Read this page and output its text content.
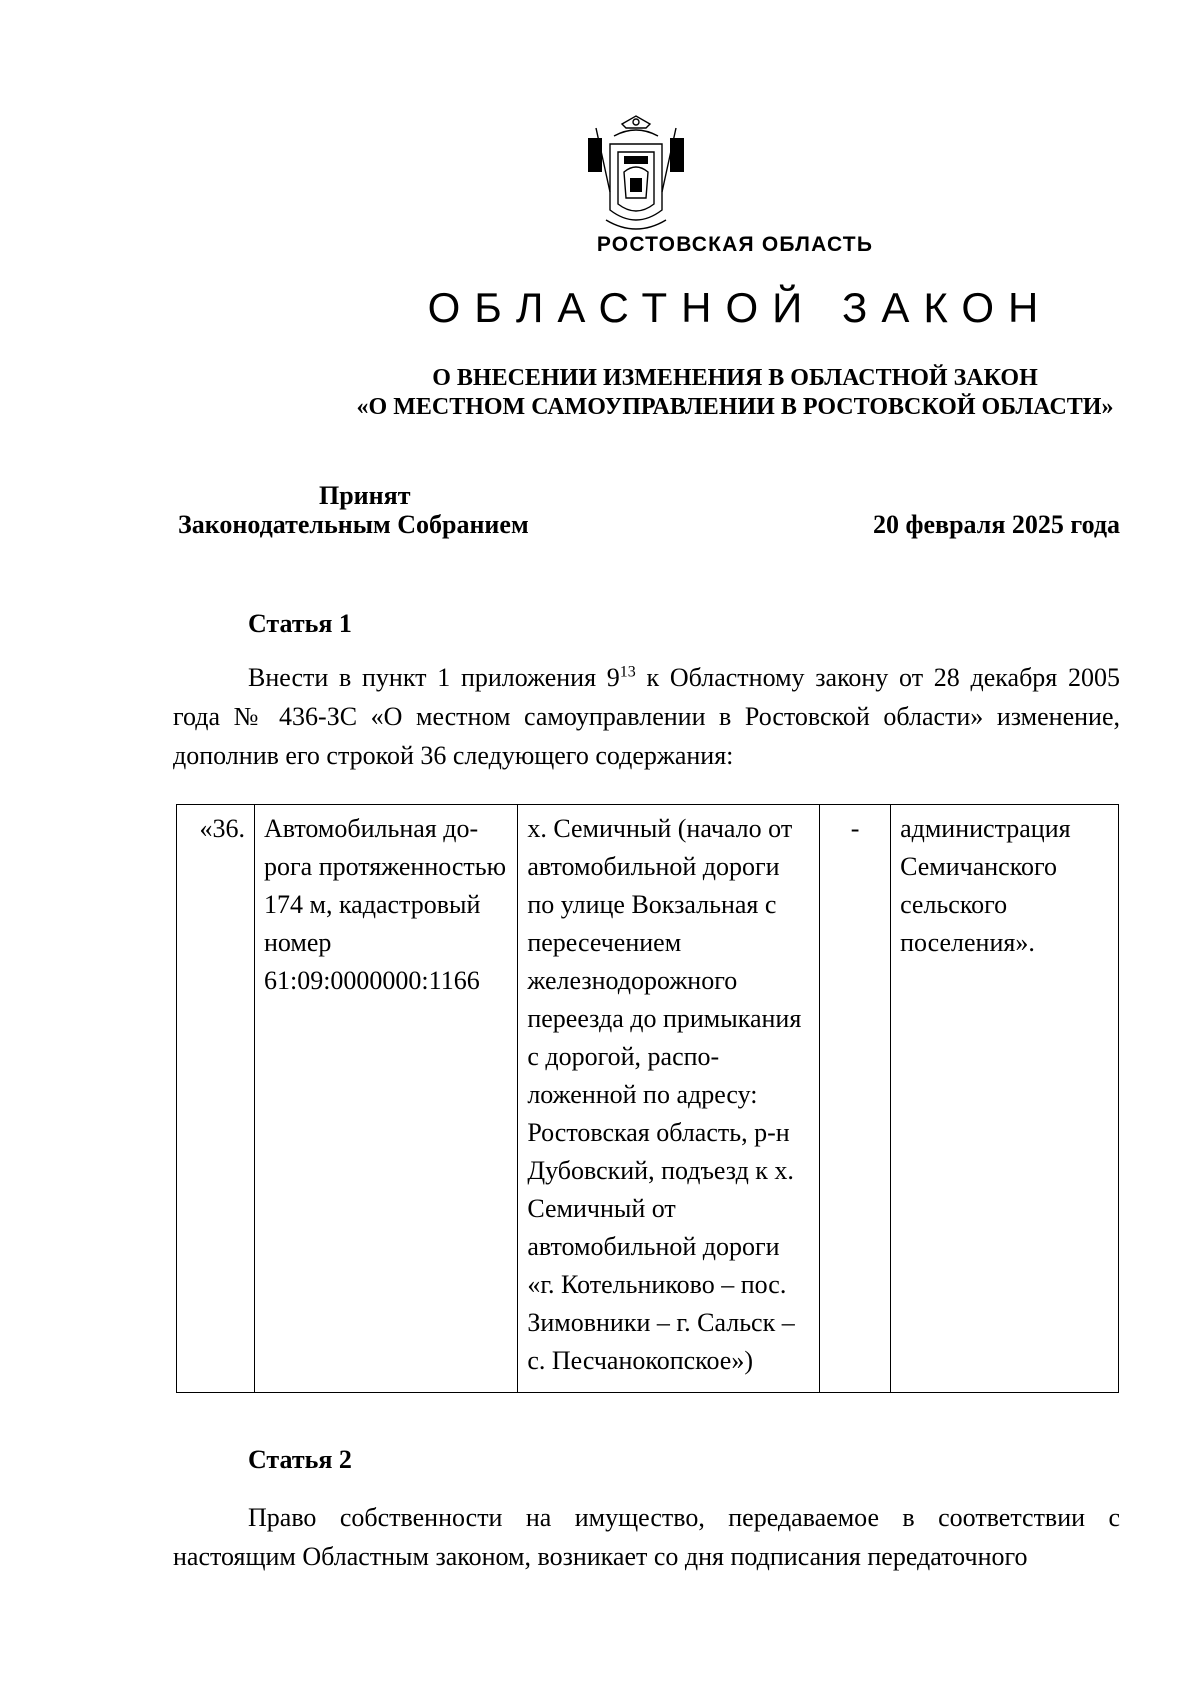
РОСТОВСКАЯ ОБЛАСТЬ
ОБЛАСТНОЙ ЗАКОН
О ВНЕСЕНИИ ИЗМЕНЕНИЯ В ОБЛАСТНОЙ ЗАКОН
«О МЕСТНОМ САМОУПРАВЛЕНИИ В РОСТОВСКОЙ ОБЛАСТИ»
Принят
Законодательным Собранием	20 февраля 2025 года
Статья 1
Внести в пункт 1 приложения $9^{13}$ к Областному закону от 28 декабря 2005 года № 436-ЗС «О местном самоуправлении в Ростовской области» изменение, дополнив его строкой 36 следующего содержания:
«36.	Автомобильная дорога протяженностью 174 м, кадастровый номер 61:09:0000000:1166	х. Семичный (начало от автомобильной дороги по улице Вокзальная с пересечением железнодорожного переезда до примыкания с дорогой, расположенной по адресу: Ростовская область, р-н Дубовский, подъезд к х. Семичный от автомобильной дороги «г. Котельниково – пос. Зимовники – г. Сальск – с. Песчанокопское»)	-	администрация Семичанского сельского поселения».
Статья 2
Право собственности на имущество, передаваемое в соответствии с настоящим Областным законом, возникает со дня подписания передаточного
